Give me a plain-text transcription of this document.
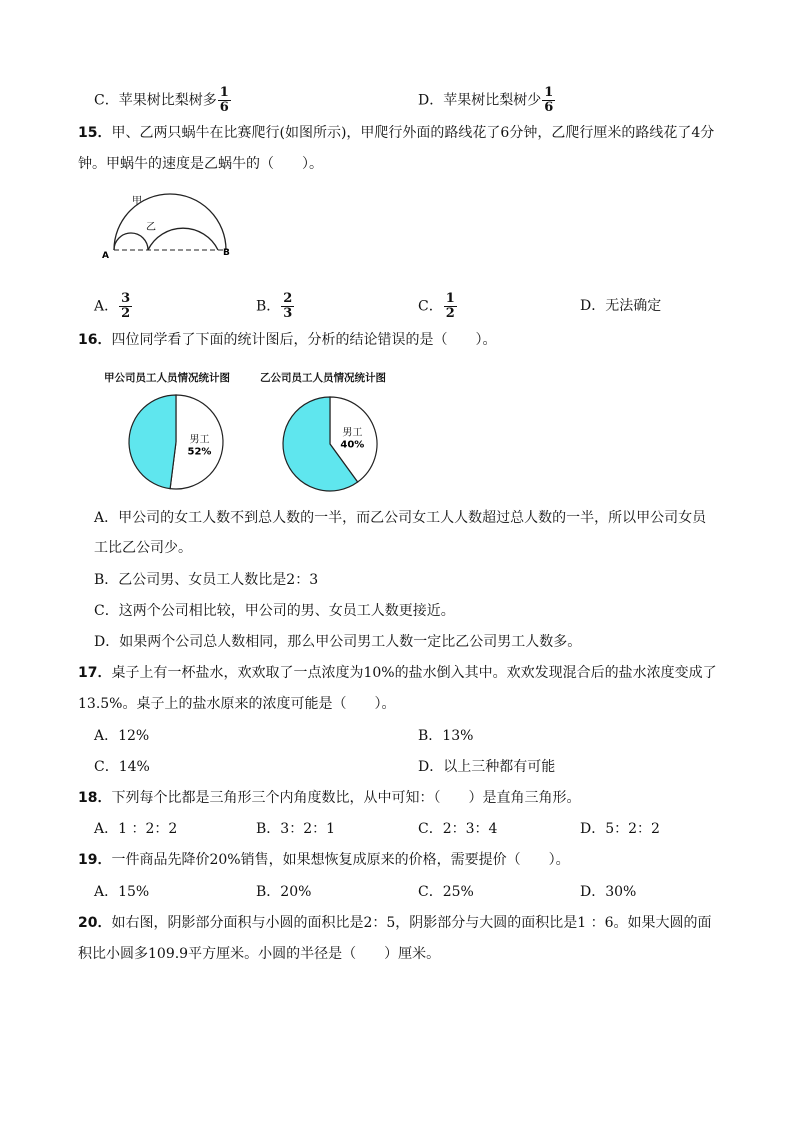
C．苹果树比梨树多 $\frac{1}{6}$	D．苹果树比梨树少 $\frac{1}{6}$
15．甲、乙两只蜗牛在比赛爬行(如图所示)，甲爬行外面的路线花了6分钟，乙爬行厘米的路线花了4分
钟。甲蜗牛的速度是乙蜗牛的（　　）。
甲
乙
A	B
A． $\frac{3}{2}$	B． $\frac{2}{3}$	C． $\frac{1}{2}$	D．无法确定
16．四位同学看了下面的统计图后，分析的结论错误的是（　　）。
甲公司员工人员情况统计图	乙公司员工人员情况统计图
男工
52%
男工
40%
A．甲公司的女工人数不到总人数的一半，而乙公司女工人人数超过总人数的一半，所以甲公司女员
工比乙公司少。
B．乙公司男、女员工人数比是2：3
C．这两个公司相比较，甲公司的男、女员工人数更接近。
D．如果两个公司总人数相同，那么甲公司男工人数一定比乙公司男工人数多。
17．桌子上有一杯盐水，欢欢取了一点浓度为10%的盐水倒入其中。欢欢发现混合后的盐水浓度变成了
13.5%。桌子上的盐水原来的浓度可能是（　　）。
A．12%	B．13%
C．14%	D．以上三种都有可能
18．下列每个比都是三角形三个内角度数比，从中可知：（　　）是直角三角形。
A．1 ：2：2	B．3：2：1	C．2：3：4	D．5：2：2
19．一件商品先降价20%销售，如果想恢复成原来的价格，需要提价（　　）。
A．15%	B．20%	C．25%	D．30%
20．如右图，阴影部分面积与小圆的面积比是2：5，阴影部分与大圆的面积比是1 ：6。如果大圆的面
积比小圆多109.9平方厘米。小圆的半径是（　　）厘米。
